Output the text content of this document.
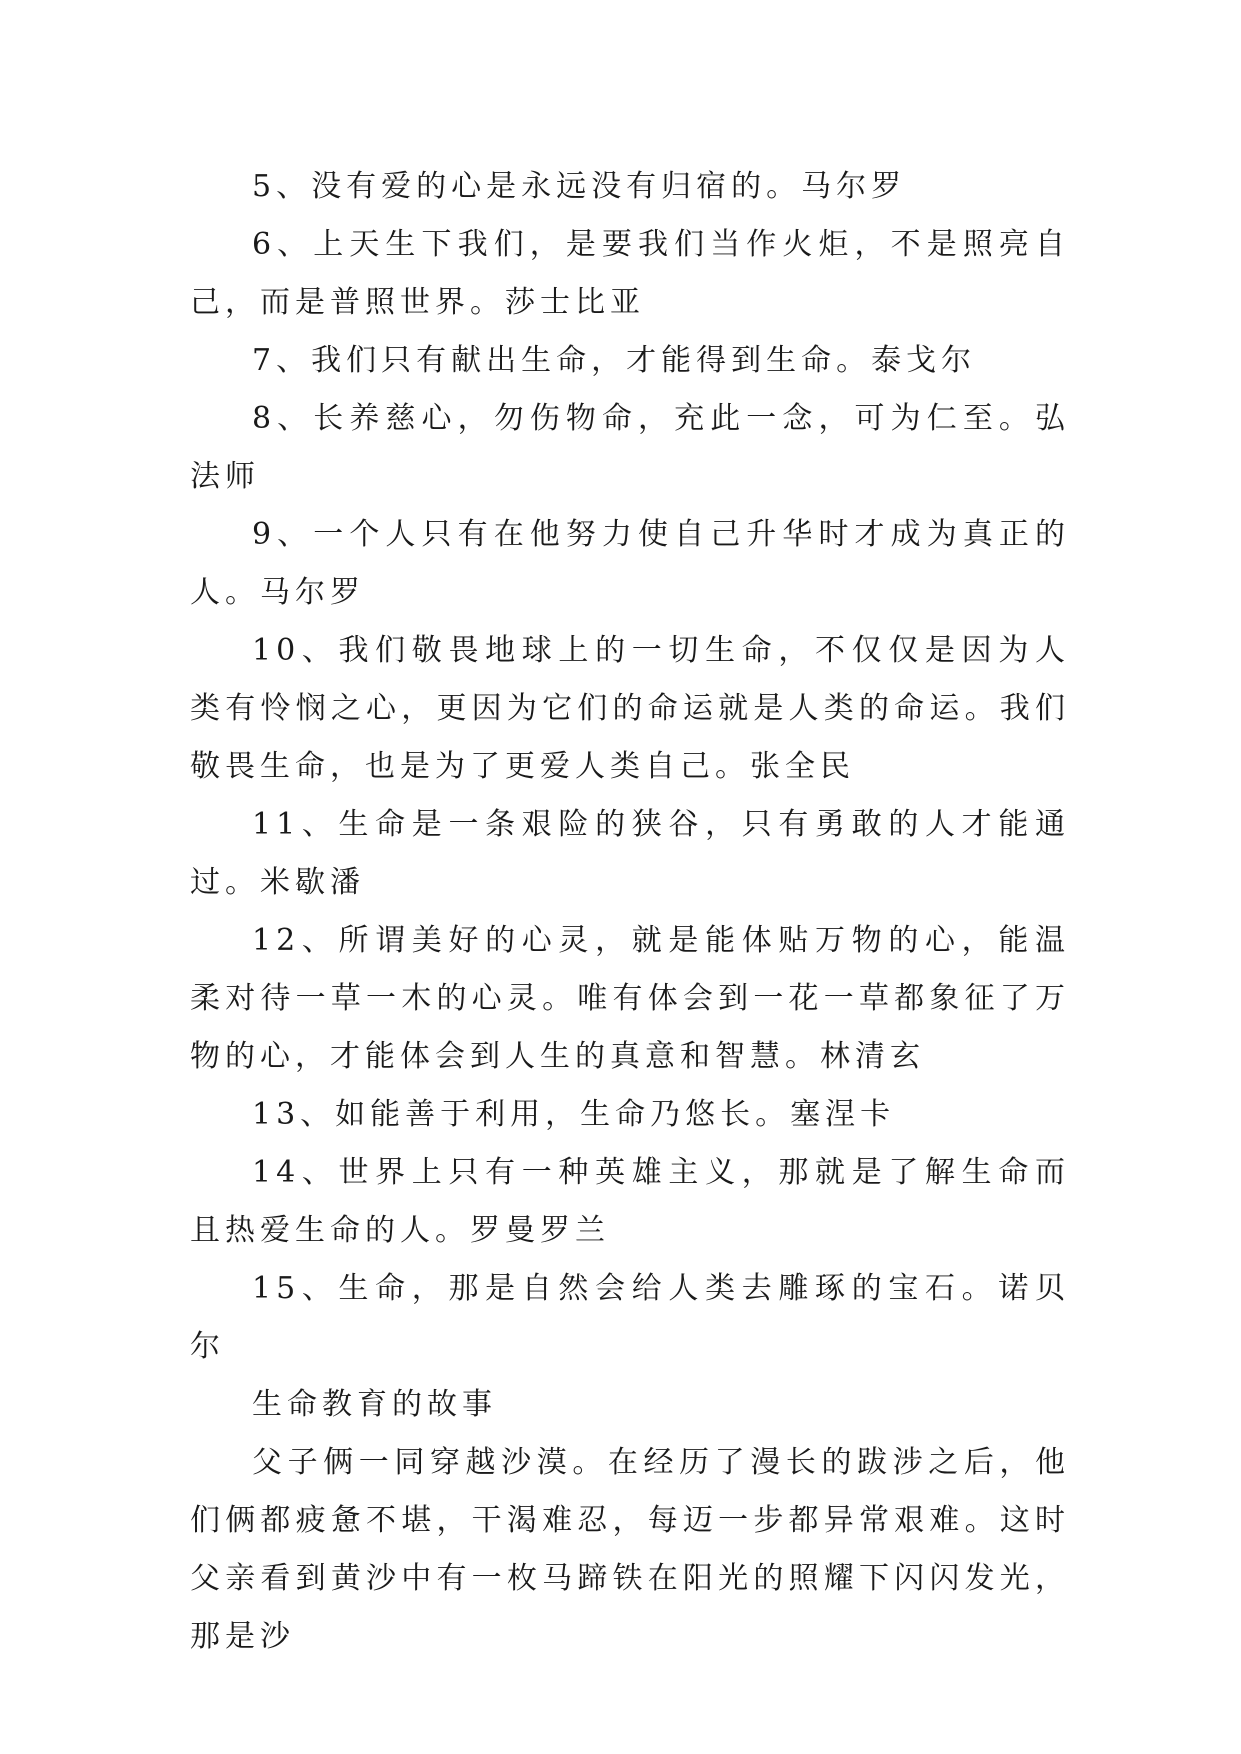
5、没有爱的心是永远没有归宿的。马尔罗

6、上天生下我们，是要我们当作火炬，不是照亮自己，而是普照世界。莎士比亚

7、我们只有献出生命，才能得到生命。泰戈尔

8、长养慈心，勿伤物命，充此一念，可为仁至。弘法师

9、一个人只有在他努力使自己升华时才成为真正的人。马尔罗

10、我们敬畏地球上的一切生命，不仅仅是因为人类有怜悯之心，更因为它们的命运就是人类的命运。我们敬畏生命，也是为了更爱人类自己。张全民

11、生命是一条艰险的狭谷，只有勇敢的人才能通过。米歇潘

12、所谓美好的心灵，就是能体贴万物的心，能温柔对待一草一木的心灵。唯有体会到一花一草都象征了万物的心，才能体会到人生的真意和智慧。林清玄

13、如能善于利用，生命乃悠长。塞涅卡

14、世界上只有一种英雄主义，那就是了解生命而且热爱生命的人。罗曼罗兰

15、生命，那是自然会给人类去雕琢的宝石。诺贝尔

生命教育的故事

父子俩一同穿越沙漠。在经历了漫长的跋涉之后，他们俩都疲惫不堪，干渴难忍，每迈一步都异常艰难。这时父亲看到黄沙中有一枚马蹄铁在阳光的照耀下闪闪发光，那是沙
